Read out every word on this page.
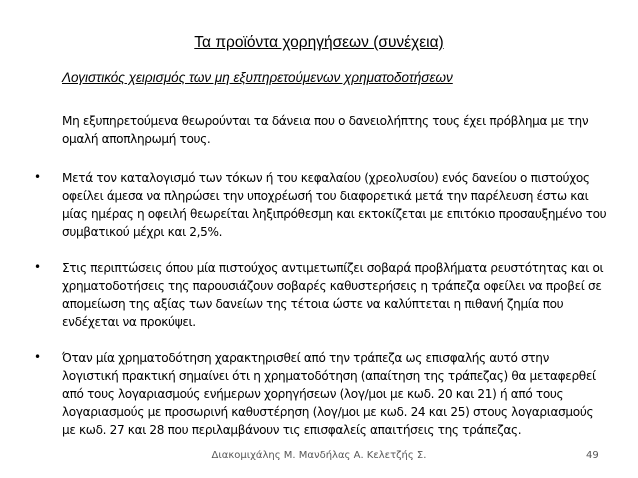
Τα προϊόντα χορηγήσεων (συνέχεια)
Λογιστικός χειρισμός των μη εξυπηρετούμενων χρηματοδοτήσεων
Μη εξυπηρετούμενα θεωρούνται τα δάνεια που ο δανειολήπτης τους έχει πρόβλημα με την ομαλή αποπληρωμή τους.
• Μετά τον καταλογισμό των τόκων ή του κεφαλαίου (χρεολυσίου) ενός δανείου ο πιστούχος οφείλει άμεσα να πληρώσει την υποχρέωσή του διαφορετικά μετά την παρέλευση έστω και μίας ημέρας η οφειλή θεωρείται ληξιπρόθεσμη και εκτοκίζεται με επιτόκιο προσαυξημένο του συμβατικού μέχρι και 2,5%.
• Στις περιπτώσεις όπου μία πιστούχος αντιμετωπίζει σοβαρά προβλήματα ρευστότητας και οι χρηματοδοτήσεις της παρουσιάζουν σοβαρές καθυστερήσεις η τράπεζα οφείλει να προβεί σε απομείωση της αξίας των δανείων της τέτοια ώστε να καλύπτεται η πιθανή ζημία που ενδέχεται να προκύψει.
• Όταν μία χρηματοδότηση χαρακτηρισθεί από την τράπεζα ως επισφαλής αυτό στην λογιστική πρακτική σημαίνει ότι η χρηματοδότηση (απαίτηση της τράπεζας) θα μεταφερθεί από τους λογαριασμούς ενήμερων χορηγήσεων (λογ/μοι με κωδ. 20 και 21) ή από τους λογαριασμούς με προσωρινή καθυστέρηση (λογ/μοι με κωδ. 24 και 25) στους λογαριασμούς με κωδ. 27 και 28 που περιλαμβάνουν τις επισφαλείς απαιτήσεις της τράπεζας.
Διακομιχάλης Μ. Μανδήλας Α. Κελετζής Σ.	49
